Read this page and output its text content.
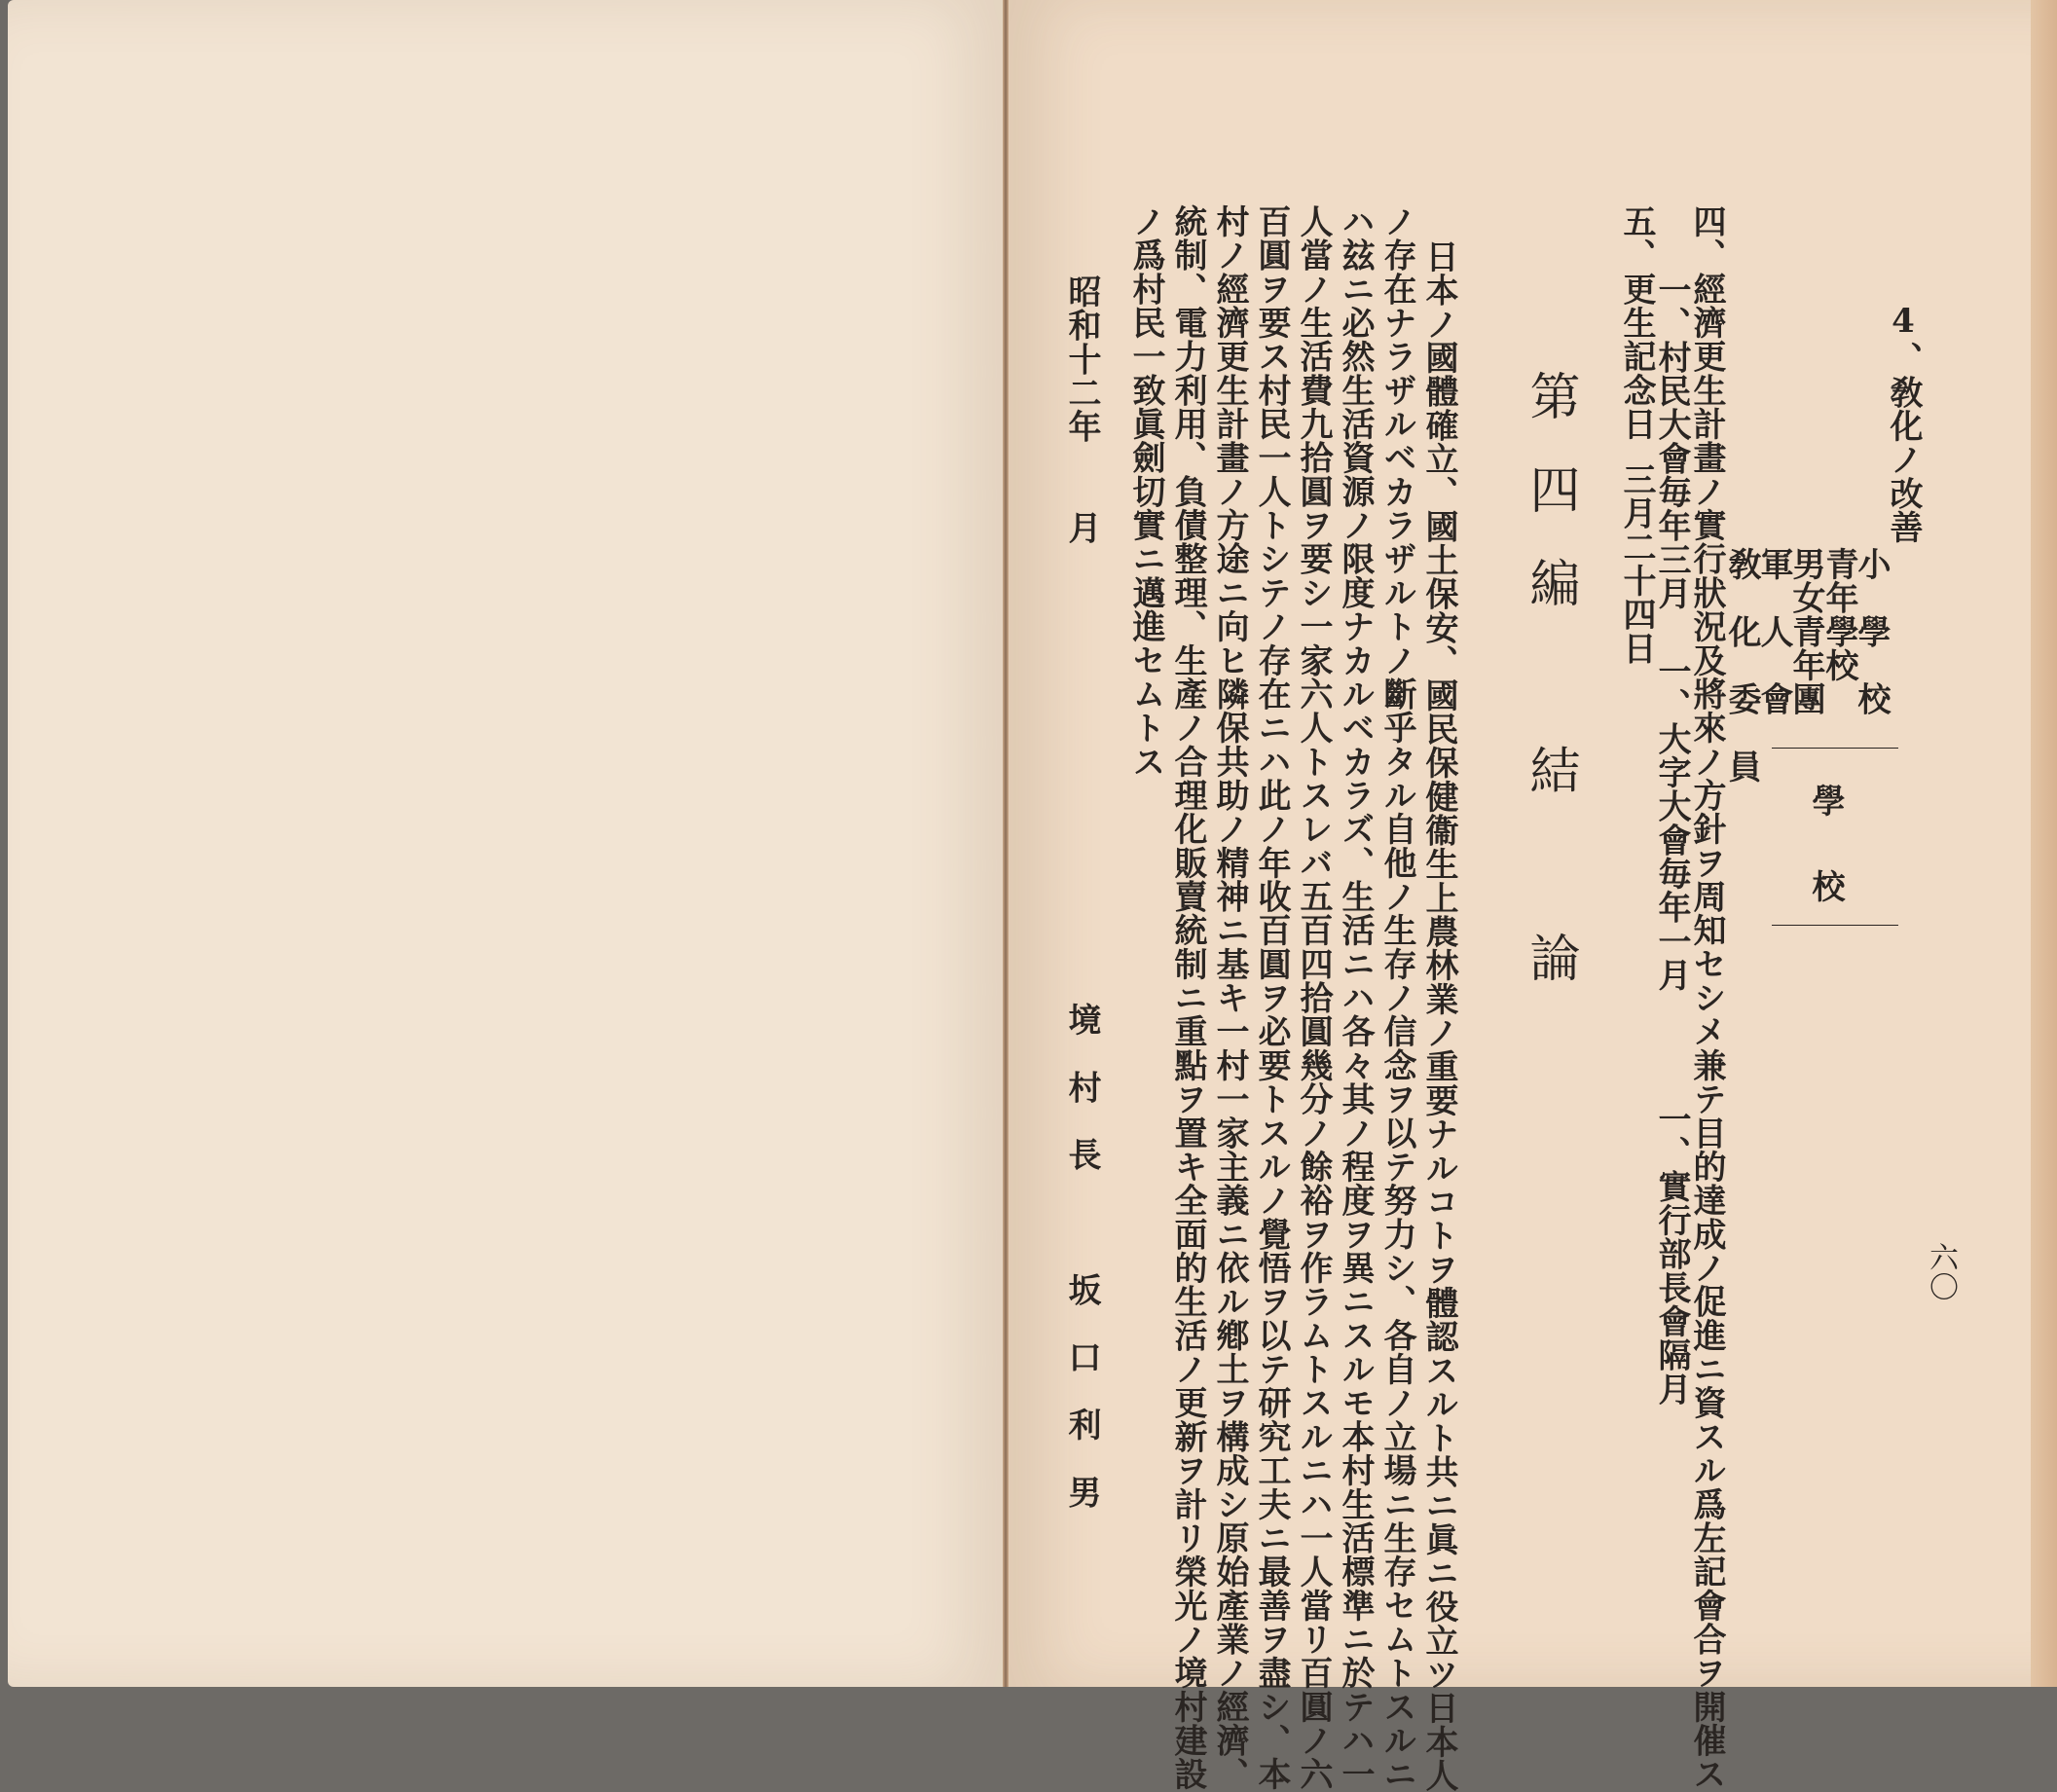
六〇
4、敎化ノ改善
小　學　校
青年學校
男女青年團
軍　人　會
敎　化　委　員
學
校
四、經濟更生計畫ノ實行狀況及將來ノ方針ヲ周知セシメ兼テ目的達成ノ促進ニ資スル爲左記會合ヲ開催ス
一、村民大會毎年三月
一、大字大會毎年一月
一、實行部長會隔月
五、更生記念日
三月二十四日
第四編　結　論
日本ノ國體確立、國土保安、國民保健衞生上農林業ノ重要ナルコトヲ體認スルト共ニ眞ニ役立ツ日本人
ノ存在ナラザルベカラザルトノ斷乎タル自他ノ生存ノ信念ヲ以テ努力シ、各自ノ立場ニ生存セムトスルニ
ハ玆ニ必然生活資源ノ限度ナカルベカラズ、生活ニハ各々其ノ程度ヲ異ニスルモ本村生活標準ニ於テハ一
人當ノ生活費九拾圓ヲ要シ一家六人トスレバ五百四拾圓幾分ノ餘裕ヲ作ラムトスルニハ一人當リ百圓ノ六
百圓ヲ要ス村民一人トシテノ存在ニハ此ノ年收百圓ヲ必要トスルノ覺悟ヲ以テ研究工夫ニ最善ヲ盡シ、本
村ノ經濟更生計畫ノ方途ニ向ヒ隣保共助ノ精神ニ基キ一村一家主義ニ依ル鄕土ヲ構成シ原始產業ノ經濟、
統制、電力利用、負債整理、生產ノ合理化販賣統制ニ重點ヲ置キ全面的生活ノ更新ヲ計リ榮光ノ境村建設
ノ爲村民一致眞劍切實ニ邁進セムトス
昭和十二年　　月
境　村　長　　　坂　口　利　男
